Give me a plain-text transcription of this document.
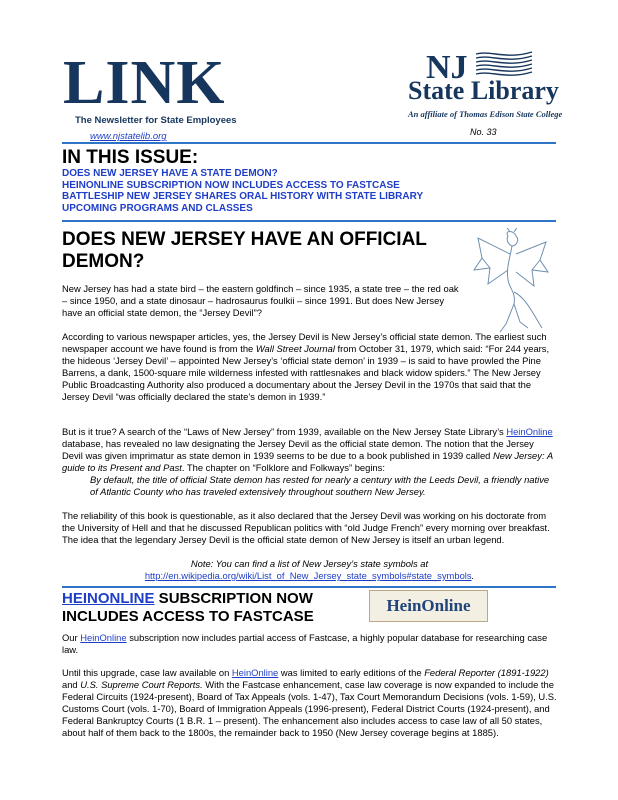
LINK
The Newsletter for State Employees
www.njstatelib.org
NJ
State Library
An affiliate of Thomas Edison State College
No. 33
IN THIS ISSUE:
DOES NEW JERSEY HAVE A STATE DEMON?
HEINONLINE SUBSCRIPTION NOW INCLUDES ACCESS TO FASTCASE
BATTLESHIP NEW JERSEY SHARES ORAL HISTORY WITH STATE LIBRARY
UPCOMING PROGRAMS AND CLASSES
DOES NEW JERSEY HAVE AN OFFICIAL DEMON?
New Jersey has had a state bird – the eastern goldfinch – since 1935, a state tree – the red oak – since 1950, and a state dinosaur – hadrosaurus foulkii – since 1991. But does New Jersey have an official state demon, the “Jersey Devil”?
According to various newspaper articles, yes, the Jersey Devil is New Jersey’s official state demon. The earliest such newspaper account we have found is from the Wall Street Journal from October 31, 1979, which said: “For 244 years, the hideous ‘Jersey Devil’ – appointed New Jersey’s ‘official state demon’ in 1939 – is said to have prowled the Pine Barrens, a dank, 1500-square mile wilderness infested with rattlesnakes and black widow spiders.” The New Jersey Public Broadcasting Authority also produced a documentary about the Jersey Devil in the 1970s that said that the Jersey Devil “was officially declared the state’s demon in 1939.”
But is it true? A search of the “Laws of New Jersey” from 1939, available on the New Jersey State Library’s HeinOnline database, has revealed no law designating the Jersey Devil as the official state demon. The notion that the Jersey Devil was given imprimatur as state demon in 1939 seems to be due to a book published in 1939 called New Jersey: A guide to its Present and Past. The chapter on “Folklore and Folkways” begins:
By default, the title of official State demon has rested for nearly a century with the Leeds Devil, a friendly native of Atlantic County who has traveled extensively throughout southern New Jersey.
The reliability of this book is questionable, as it also declared that the Jersey Devil was working on his doctorate from the University of Hell and that he discussed Republican politics with “old Judge French” every morning over breakfast. The idea that the legendary Jersey Devil is the official state demon of New Jersey is itself an urban legend.
Note: You can find a list of New Jersey’s state symbols at
http://en.wikipedia.org/wiki/List_of_New_Jersey_state_symbols#state_symbols.
HEINONLINE SUBSCRIPTION NOW INCLUDES ACCESS TO FASTCASE
HeinOnline
Our HeinOnline subscription now includes partial access of Fastcase, a highly popular database for researching case law.
Until this upgrade, case law available on HeinOnline was limited to early editions of the Federal Reporter (1891-1922) and U.S. Supreme Court Reports. With the Fastcase enhancement, case law coverage is now expanded to include the Federal Circuits (1924-present), Board of Tax Appeals (vols. 1-47), Tax Court Memorandum Decisions (vols. 1-59), U.S. Customs Court (vols. 1-70), Board of Immigration Appeals (1996-present), Federal District Courts (1924-present), and Federal Bankruptcy Courts (1 B.R. 1 – present). The enhancement also includes access to case law of all 50 states, about half of them back to the 1800s, the remainder back to 1950 (New Jersey coverage begins at 1885).
